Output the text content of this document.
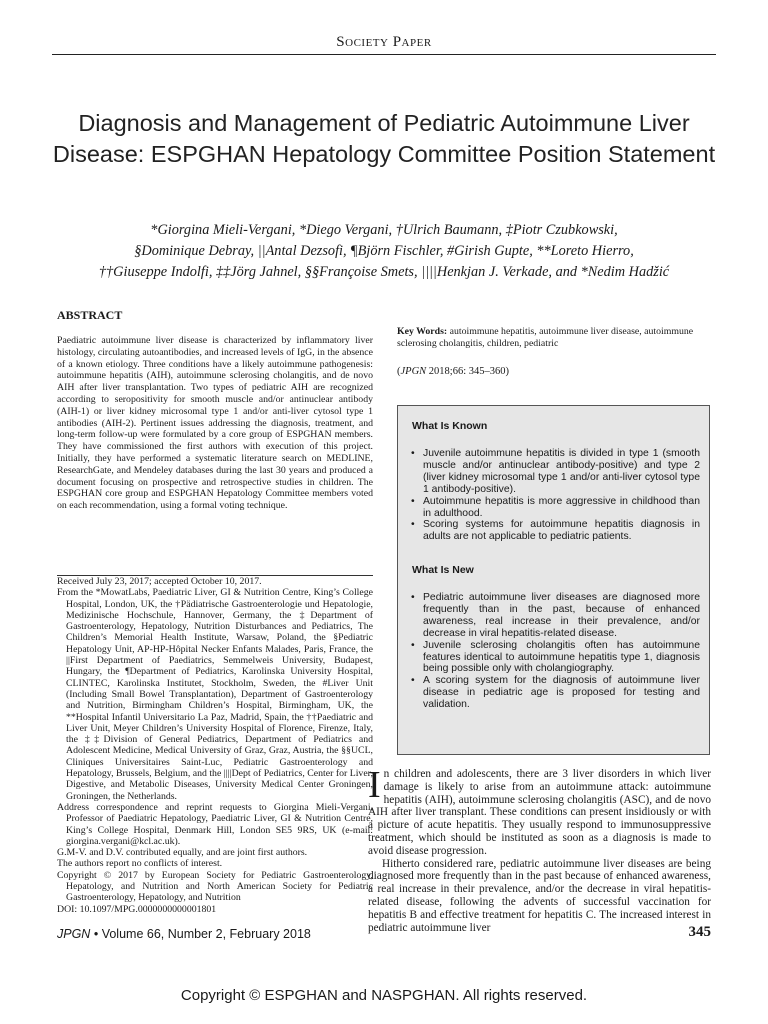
Society Paper
Diagnosis and Management of Pediatric Autoimmune Liver Disease: ESPGHAN Hepatology Committee Position Statement
*Giorgina Mieli-Vergani, *Diego Vergani, †Ulrich Baumann, ‡Piotr Czubkowski,
§Dominique Debray, ||Antal Dezsofi, ¶Björn Fischler, #Girish Gupte, **Loreto Hierro,
††Giuseppe Indolfi, ‡‡Jörg Jahnel, §§Françoise Smets, ||||Henkjan J. Verkade, and *Nedim Hadžić
ABSTRACT
Paediatric autoimmune liver disease is characterized by inflammatory liver histology, circulating autoantibodies, and increased levels of IgG, in the absence of a known etiology. Three conditions have a likely autoimmune pathogenesis: autoimmune hepatitis (AIH), autoimmune sclerosing cholangitis, and de novo AIH after liver transplantation. Two types of pediatric AIH are recognized according to seropositivity for smooth muscle and/or antinuclear antibody (AIH-1) or liver kidney microsomal type 1 and/or anti-liver cytosol type 1 antibodies (AIH-2). Pertinent issues addressing the diagnosis, treatment, and long-term follow-up were formulated by a core group of ESPGHAN members. They have commissioned the first authors with execution of this project. Initially, they have performed a systematic literature search on MEDLINE, ResearchGate, and Mendeley databases during the last 30 years and produced a document focusing on prospective and retrospective studies in children. The ESPGHAN core group and ESPGHAN Hepatology Committee members voted on each recommendation, using a formal voting technique.
Received July 23, 2017; accepted October 10, 2017.
From the *MowatLabs, Paediatric Liver, GI & Nutrition Centre, King’s College Hospital, London, UK, the †Pädiatrische Gastroenterologie und Hepatologie, Medizinische Hochschule, Hannover, Germany, the ‡Department of Gastroenterology, Hepatology, Nutrition Disturbances and Pediatrics, The Children’s Memorial Health Institute, Warsaw, Poland, the §Pediatric Hepatology Unit, AP-HP-Hôpital Necker Enfants Malades, Paris, France, the ||First Department of Paediatrics, Semmelweis University, Budapest, Hungary, the ¶Department of Pediatrics, Karolinska University Hospital, CLINTEC, Karolinska Institutet, Stockholm, Sweden, the #Liver Unit (Including Small Bowel Transplantation), Department of Gastroenterology and Nutrition, Birmingham Children’s Hospital, Birmingham, UK, the **Hospital Infantil Universitario La Paz, Madrid, Spain, the ††Paediatric and Liver Unit, Meyer Children’s University Hospital of Florence, Firenze, Italy, the ‡‡Division of General Pediatrics, Department of Pediatrics and Adolescent Medicine, Medical University of Graz, Graz, Austria, the §§UCL, Cliniques Universitaires Saint-Luc, Pediatric Gastroenterology and Hepatology, Brussels, Belgium, and the ||||Dept of Pediatrics, Center for Liver, Digestive, and Metabolic Diseases, University Medical Center Groningen, Groningen, the Netherlands.
Address correspondence and reprint requests to Giorgina Mieli-Vergani, Professor of Paediatric Hepatology, Paediatric Liver, GI & Nutrition Centre, King’s College Hospital, Denmark Hill, London SE5 9RS, UK (e-mail: giorgina.vergani@kcl.ac.uk).
G.M-V. and D.V. contributed equally, and are joint first authors.
The authors report no conflicts of interest.
Copyright © 2017 by European Society for Pediatric Gastroenterology, Hepatology, and Nutrition and North American Society for Pediatric Gastroenterology, Hepatology, and Nutrition
DOI: 10.1097/MPG.0000000000001801
Key Words: autoimmune hepatitis, autoimmune liver disease, autoimmune sclerosing cholangitis, children, pediatric
(JPGN 2018;66: 345–360)
What Is Known
• Juvenile autoimmune hepatitis is divided in type 1 (smooth muscle and/or antinuclear antibody-positive) and type 2 (liver kidney microsomal type 1 and/or anti-liver cytosol type 1 antibody-positive).
• Autoimmune hepatitis is more aggressive in childhood than in adulthood.
• Scoring systems for autoimmune hepatitis diagnosis in adults are not applicable to pediatric patients.
What Is New
• Pediatric autoimmune liver diseases are diagnosed more frequently than in the past, because of enhanced awareness, real increase in their prevalence, and/or decrease in viral hepatitis-related disease.
• Juvenile sclerosing cholangitis often has autoimmune features identical to autoimmune hepatitis type 1, diagnosis being possible only with cholangiography.
• A scoring system for the diagnosis of autoimmune liver disease in pediatric age is proposed for testing and validation.

In children and adolescents, there are 3 liver disorders in which liver damage is likely to arise from an autoimmune attack: autoimmune hepatitis (AIH), autoimmune sclerosing cholangitis (ASC), and de novo AIH after liver transplant. These conditions can present insidiously or with a picture of acute hepatitis. They usually respond to immunosuppressive treatment, which should be instituted as soon as a diagnosis is made to avoid disease progression.

Hitherto considered rare, pediatric autoimmune liver diseases are being diagnosed more frequently than in the past because of enhanced awareness, a real increase in their prevalence, and/or the decrease in viral hepatitis-related disease, following the advents of successful vaccination for hepatitis B and effective treatment for hepatitis C. The increased interest in pediatric autoimmune liver

JPGN • Volume 66, Number 2, February 2018	345
Copyright © ESPGHAN and NASPGHAN. All rights reserved.
